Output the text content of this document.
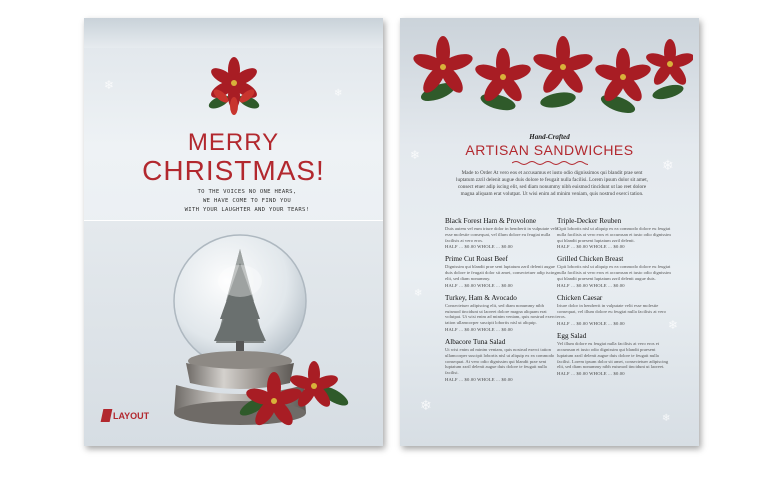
❄
❄
MERRY
CHRISTMAS!
TO THE VOICES NO ONE HEARS,
WE HAVE COME TO FIND YOU
WITH YOUR LAUGHTER AND YOUR TEARS!
LAYOUT
❄
❄
❄
❄
❄
❄
Hand-Crafted
ARTISAN SANDWICHES
Made to Order At vero eos et accusamus et iusto odio dignissimos qui blandit prae sent luptatum zzril delenit augue duis dolore te feugait nulla facilisi. Lorem ipsum dolor sit amet, consect etuer adip iscing elit, sed diam nonummy nibh euismod tincidunt ut lao reet dolore magna aliquam erat volutpat. Ut wisi enim ad minim veniam, quis nostrud exerci tation.
Black Forest Ham & Provolone
Duis autem vel eum iriure dolor in hendrerit in vulputate velit esse molestie consequat, vel illum dolore eu feugiat nulla facilisis at vero eros.
HALF ... $0.00 WHOLE ... $0.00
Prime Cut Roast Beef
Dignissim qui blandit prae sent luptatum zzril delenit augue duis dolore te feugait dolor sit amet, consectetuer adip iscing elit, sed diam nonummy.
HALF ... $0.00 WHOLE ... $0.00
Turkey, Ham & Avocado
Consectetuer adipiscing elit, sed diam nonummy nibh euismod tincidunt ut laoreet dolore magna aliquam erat volutpat. Ut wisi enim ad minim veniam, quis nostrud exerci tation ullamcorper suscipit lobortis nisl ut aliquip.
HALF ... $0.00 WHOLE ... $0.00
Albacore Tuna Salad
Ut wisi enim ad minim veniam, quis nostrud exerci tation ullamcorper suscipit lobortis nisl ut aliquip ex ea commodo consequat. At vero odio dignissim qui blandit prae sent luptatum zzril delenit augue duis dolore te feugait nulla facilisi.
HALF ... $0.00 WHOLE ... $0.00
Triple-Decker Reuben
Cipit lobortis nisl ut aliquip ex ea commodo dolore eu feugiat nulla facilisis at vero eros et accumsan et iusto odio dignissim qui blandit praesent luptatum zzril delenit.
HALF ... $0.00 WHOLE ... $0.00
Grilled Chicken Breast
Cipit lobortis nisl ut aliquip ex ea commodo dolore eu feugiat nulla facilisis at vero eros et accumsan et iusto odio dignissim qui blandit praesent luptatum zzril delenit augue duis.
HALF ... $0.00 WHOLE ... $0.00
Chicken Caesar
Iriure dolor in hendrerit in vulputate velit esse molestie consequat, vel illum dolore eu feugiat nulla facilisis at vero eros.
HALF ... $0.00 WHOLE ... $0.00
Egg Salad
Vel illum dolore eu feugiat nulla facilisis at vero eros et accumsan et iusto odio dignissim qui blandit praesent luptatum zzril delenit augue duis dolore te feugait nulla facilisi. Lorem ipsum dolor sit amet, consectetuer adipiscing elit, sed diam nonummy nibh euismod tincidunt ut laoreet.
HALF ... $0.00 WHOLE ... $0.00
